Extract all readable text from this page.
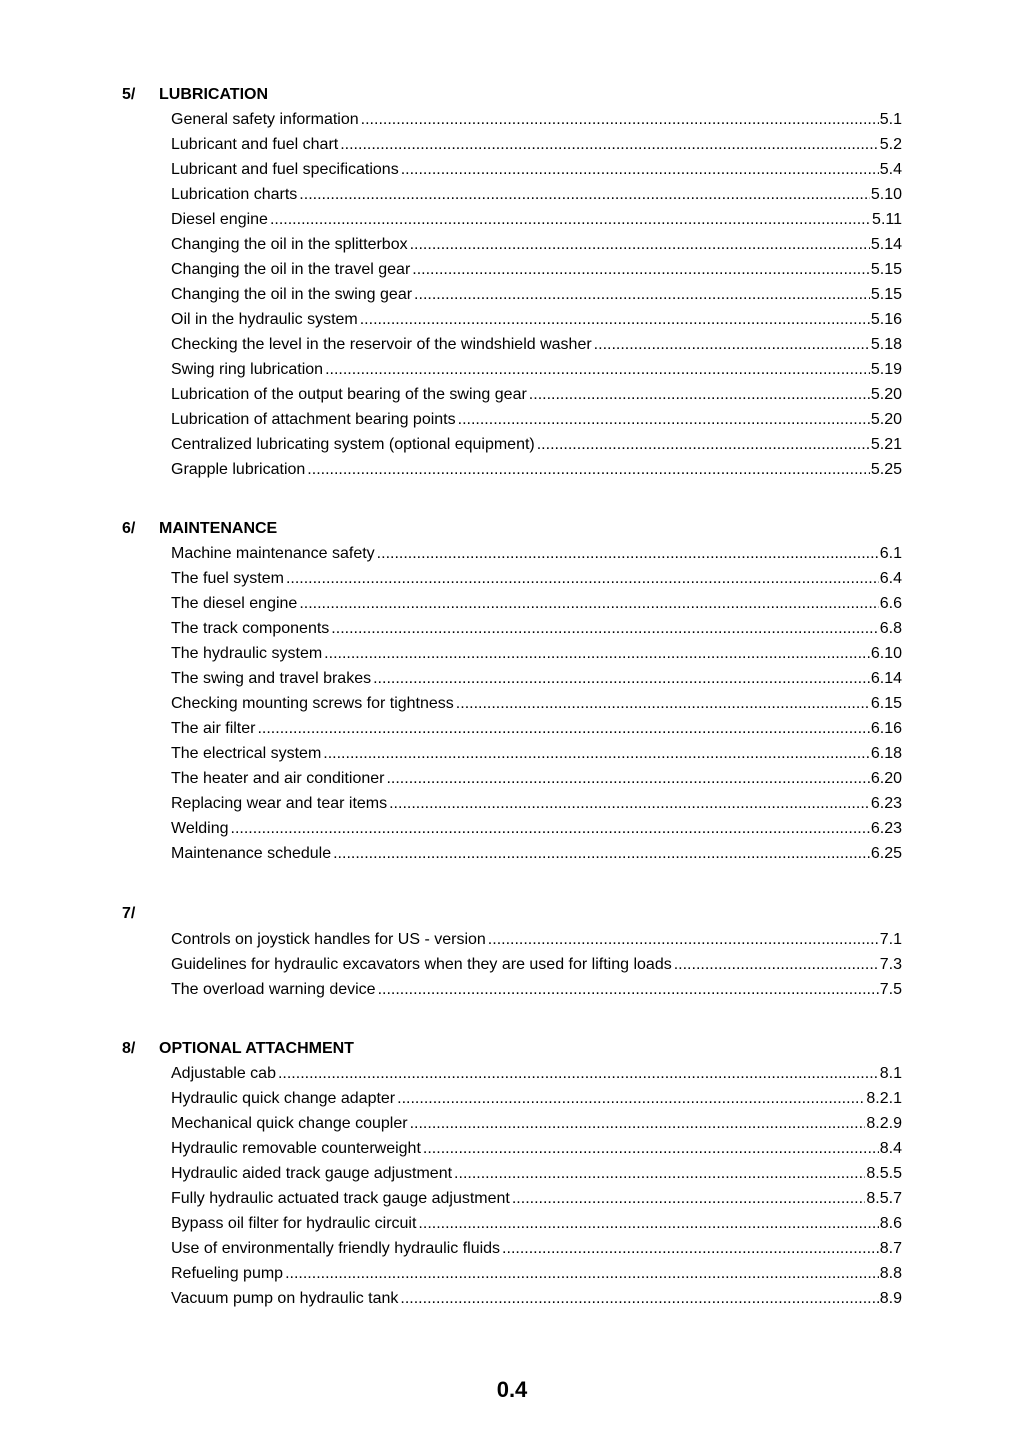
5/ LUBRICATION
General safety information .....	5.1
Lubricant and fuel chart .....	5.2
Lubricant and fuel specifications .....	5.4
Lubrication charts .....	5.10
Diesel engine .....	5.11
Changing the oil in the splitterbox .....	5.14
Changing the oil in the travel gear .....	5.15
Changing the oil in the swing gear .....	5.15
Oil in the hydraulic system .....	5.16
Checking the level in the reservoir of the windshield washer .....	5.18
Swing ring lubrication .....	5.19
Lubrication of the output bearing of the swing gear .....	5.20
Lubrication of attachment bearing points .....	5.20
Centralized lubricating system (optional equipment) .....	5.21
Grapple lubrication .....	5.25
6/ MAINTENANCE
Machine maintenance safety .....	6.1
The fuel system .....	6.4
The diesel engine .....	6.6
The track components .....	6.8
The hydraulic system .....	6.10
The swing and travel brakes .....	6.14
Checking mounting screws for tightness .....	6.15
The air filter .....	6.16
The electrical system .....	6.18
The heater and air conditioner .....	6.20
Replacing wear and tear items .....	6.23
Welding .....	6.23
Maintenance schedule .....	6.25
7/
Controls on joystick handles for US - version .....	7.1
Guidelines for hydraulic excavators when they are used for lifting loads .....	7.3
The overload warning device .....	7.5
8/ OPTIONAL ATTACHMENT
Adjustable cab .....	8.1
Hydraulic quick change adapter .....	8.2.1
Mechanical quick change coupler .....	8.2.9
Hydraulic removable counterweight .....	8.4
Hydraulic aided track gauge adjustment .....	8.5.5
Fully hydraulic actuated track gauge adjustment .....	8.5.7
Bypass oil filter for hydraulic circuit .....	8.6
Use of environmentally friendly hydraulic fluids .....	8.7
Refueling pump .....	8.8
Vacuum pump on hydraulic tank .....	8.9
0.4
